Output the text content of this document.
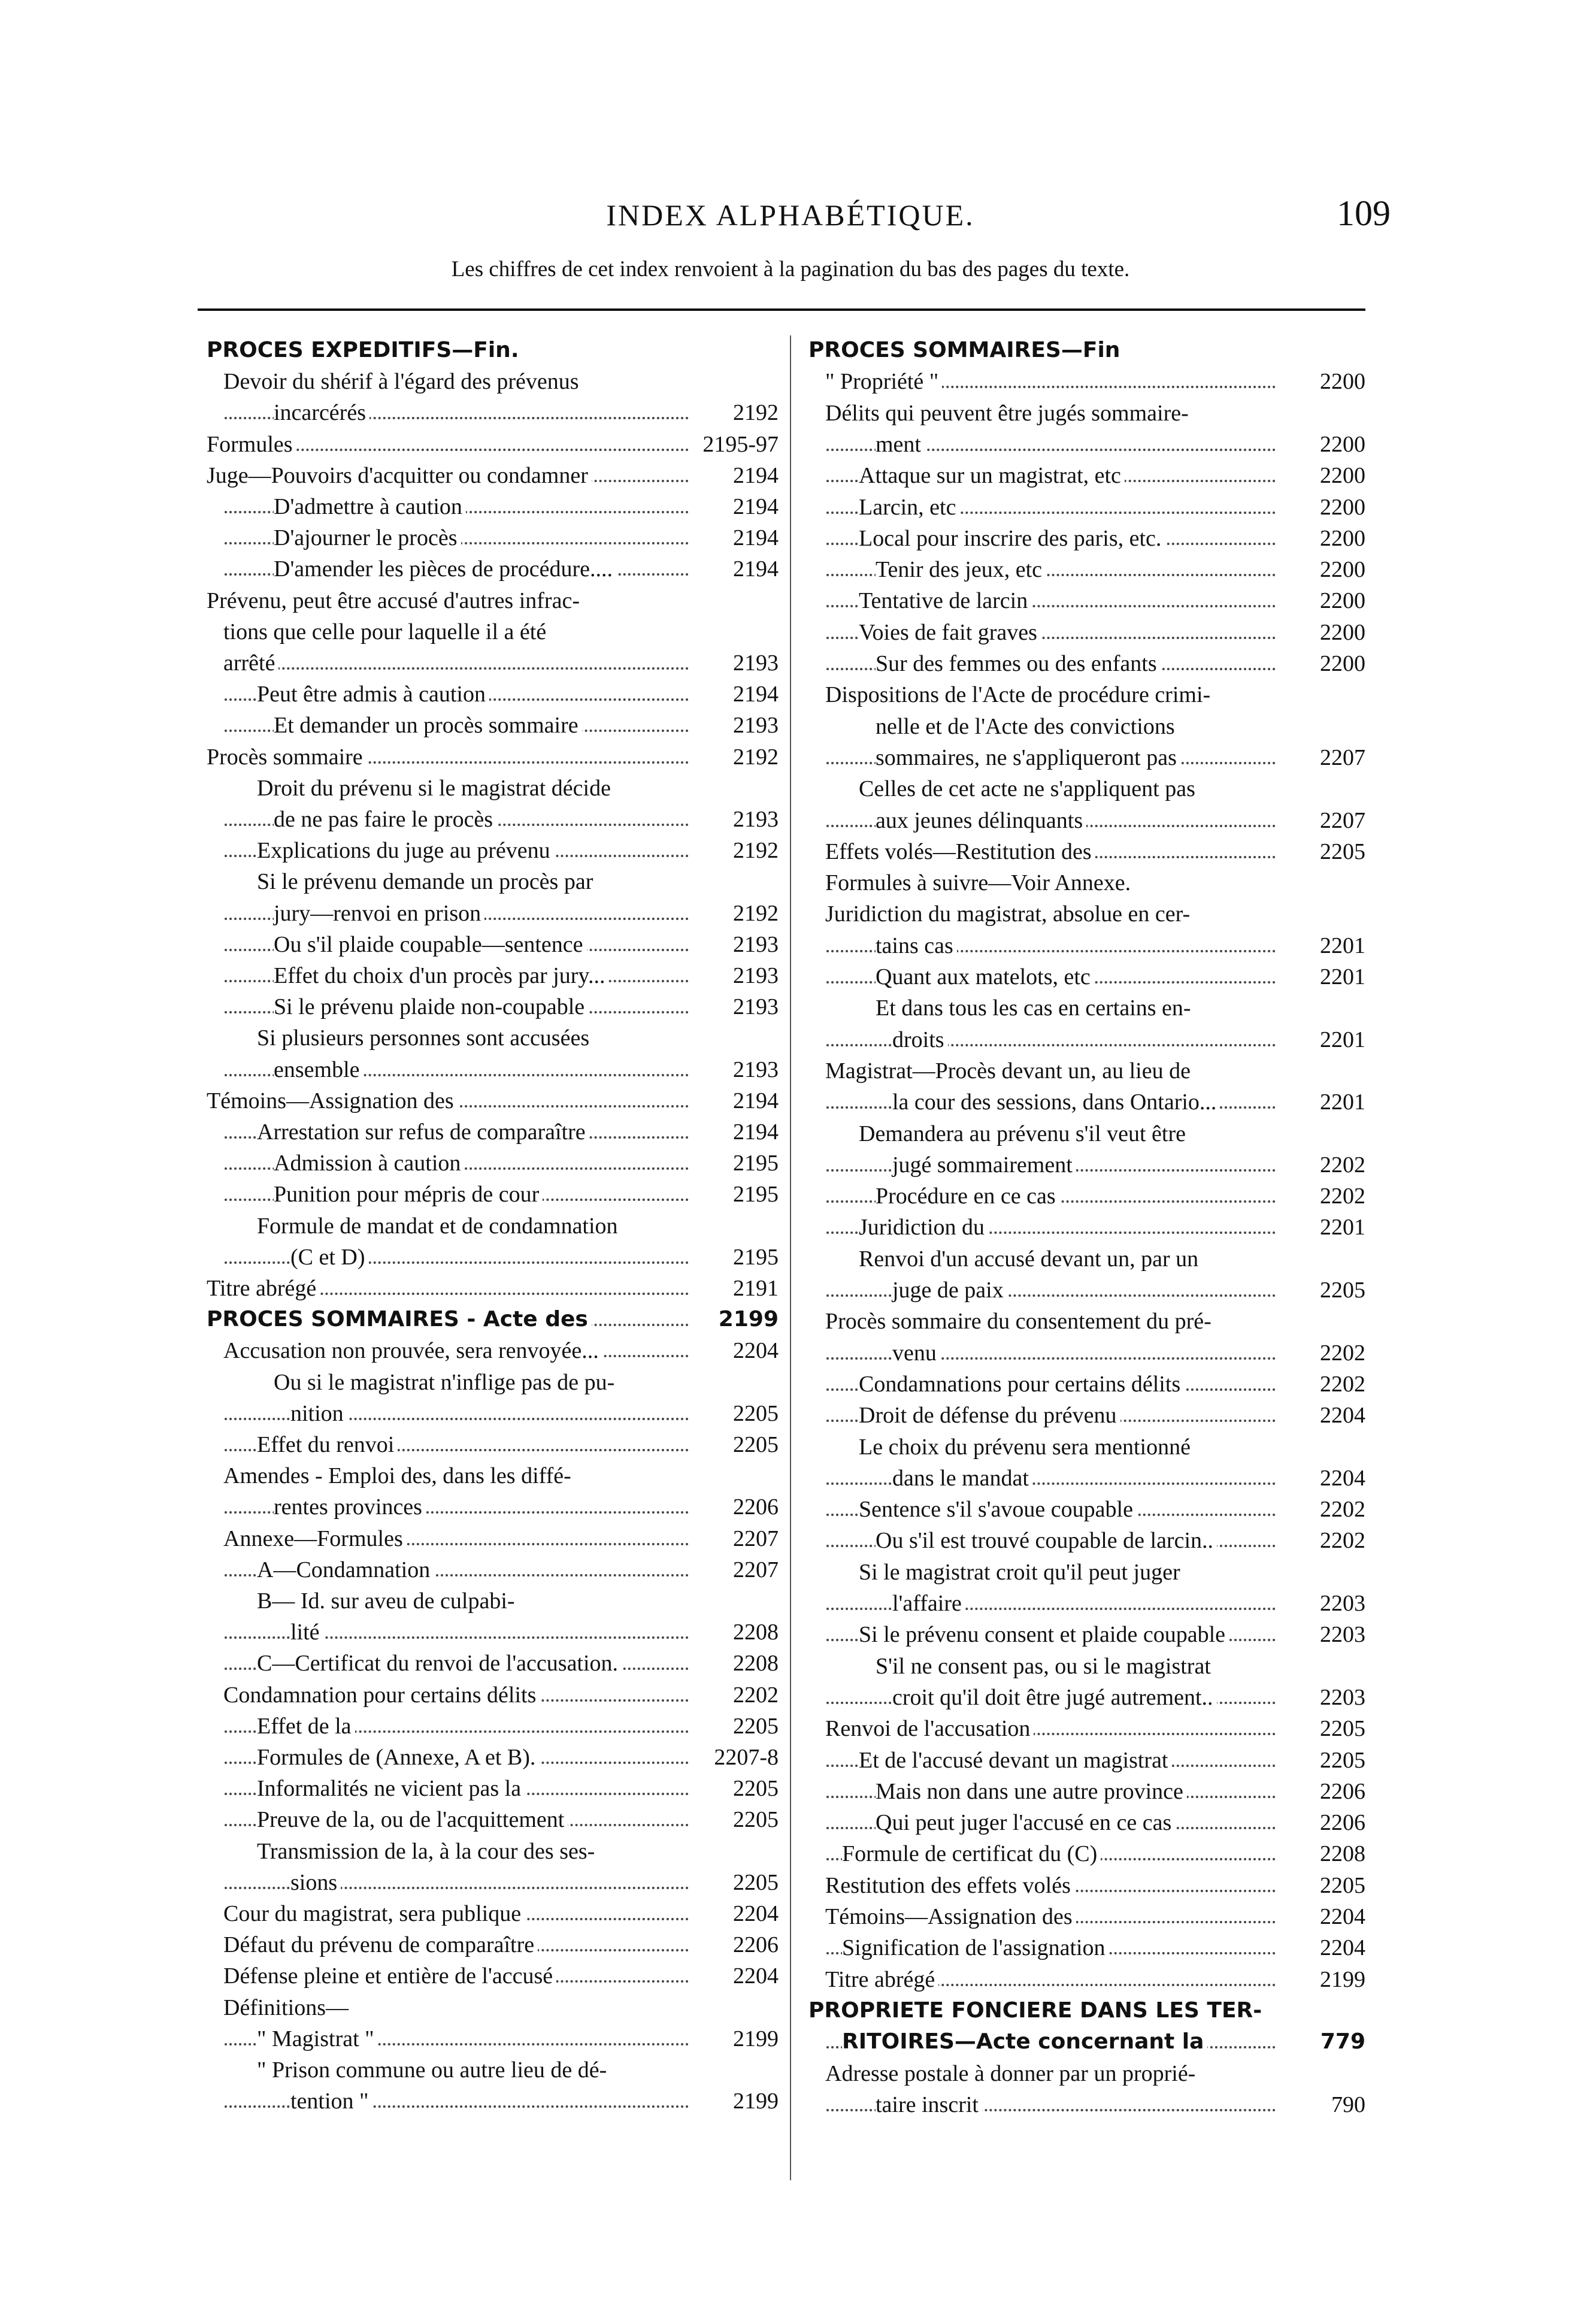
INDEX ALPHABÉTIQUE.	109
Les chiffres de cet index renvoient à la pagination du bas des pages du texte.
PROCES EXPEDITIFS—Fin.
Devoir du shérif à l'égard des prévenus
incarcérés	2192
Formules	2195-97
Juge—Pouvoirs d'acquitter ou condamner	2194
D'admettre à caution	2194
D'ajourner le procès	2194
D'amender les pièces de procédure....	2194
Prévenu, peut être accusé d'autres infrac-
tions que celle pour laquelle il a été
arrêté	2193
Peut être admis à caution	2194
Et demander un procès sommaire	2193
Procès sommaire	2192
Droit du prévenu si le magistrat décide
de ne pas faire le procès	2193
Explications du juge au prévenu	2192
Si le prévenu demande un procès par
jury—renvoi en prison	2192
Ou s'il plaide coupable—sentence	2193
Effet du choix d'un procès par jury...	2193
Si le prévenu plaide non-coupable	2193
Si plusieurs personnes sont accusées
ensemble	2193
Témoins—Assignation des	2194
Arrestation sur refus de comparaître	2194
Admission à caution	2195
Punition pour mépris de cour	2195
Formule de mandat et de condamnation
(C et D)	2195
Titre abrégé	2191
PROCES SOMMAIRES - Acte des	2199
Accusation non prouvée, sera renvoyée...	2204
Ou si le magistrat n'inflige pas de pu-
nition	2205
Effet du renvoi	2205
Amendes - Emploi des, dans les diffé-
rentes provinces	2206
Annexe—Formules	2207
A—Condamnation	2207
B— Id. sur aveu de culpabi-
lité	2208
C—Certificat du renvoi de l'accusation.	2208
Condamnation pour certains délits	2202
Effet de la	2205
Formules de (Annexe, A et B).	2207-8
Informalités ne vicient pas la	2205
Preuve de la, ou de l'acquittement	2205
Transmission de la, à la cour des ses-
sions	2205
Cour du magistrat, sera publique	2204
Défaut du prévenu de comparaître	2206
Défense pleine et entière de l'accusé	2204
Définitions—
" Magistrat "	2199
" Prison commune ou autre lieu de dé-
tention "	2199
PROCES SOMMAIRES—Fin
" Propriété "	2200
Délits qui peuvent être jugés sommaire-
ment	2200
Attaque sur un magistrat, etc	2200
Larcin, etc	2200
Local pour inscrire des paris, etc.	2200
Tenir des jeux, etc	2200
Tentative de larcin	2200
Voies de fait graves	2200
Sur des femmes ou des enfants	2200
Dispositions de l'Acte de procédure crimi-
nelle et de l'Acte des convictions
sommaires, ne s'appliqueront pas	2207
Celles de cet acte ne s'appliquent pas
aux jeunes délinquants	2207
Effets volés—Restitution des	2205
Formules à suivre—Voir Annexe.
Juridiction du magistrat, absolue en cer-
tains cas	2201
Quant aux matelots, etc	2201
Et dans tous les cas en certains en-
droits	2201
Magistrat—Procès devant un, au lieu de
la cour des sessions, dans Ontario...	2201
Demandera au prévenu s'il veut être
jugé sommairement	2202
Procédure en ce cas	2202
Juridiction du	2201
Renvoi d'un accusé devant un, par un
juge de paix	2205
Procès sommaire du consentement du pré-
venu	2202
Condamnations pour certains délits	2202
Droit de défense du prévenu	2204
Le choix du prévenu sera mentionné
dans le mandat	2204
Sentence s'il s'avoue coupable	2202
Ou s'il est trouvé coupable de larcin..	2202
Si le magistrat croit qu'il peut juger
l'affaire	2203
Si le prévenu consent et plaide coupable	2203
S'il ne consent pas, ou si le magistrat
croit qu'il doit être jugé autrement..	2203
Renvoi de l'accusation	2205
Et de l'accusé devant un magistrat	2205
Mais non dans une autre province	2206
Qui peut juger l'accusé en ce cas	2206
Formule de certificat du (C)	2208
Restitution des effets volés	2205
Témoins—Assignation des	2204
Signification de l'assignation	2204
Titre abrégé	2199
PROPRIETE FONCIERE DANS LES TER-
RITOIRES—Acte concernant la	779
Adresse postale à donner par un proprié-
taire inscrit	790
